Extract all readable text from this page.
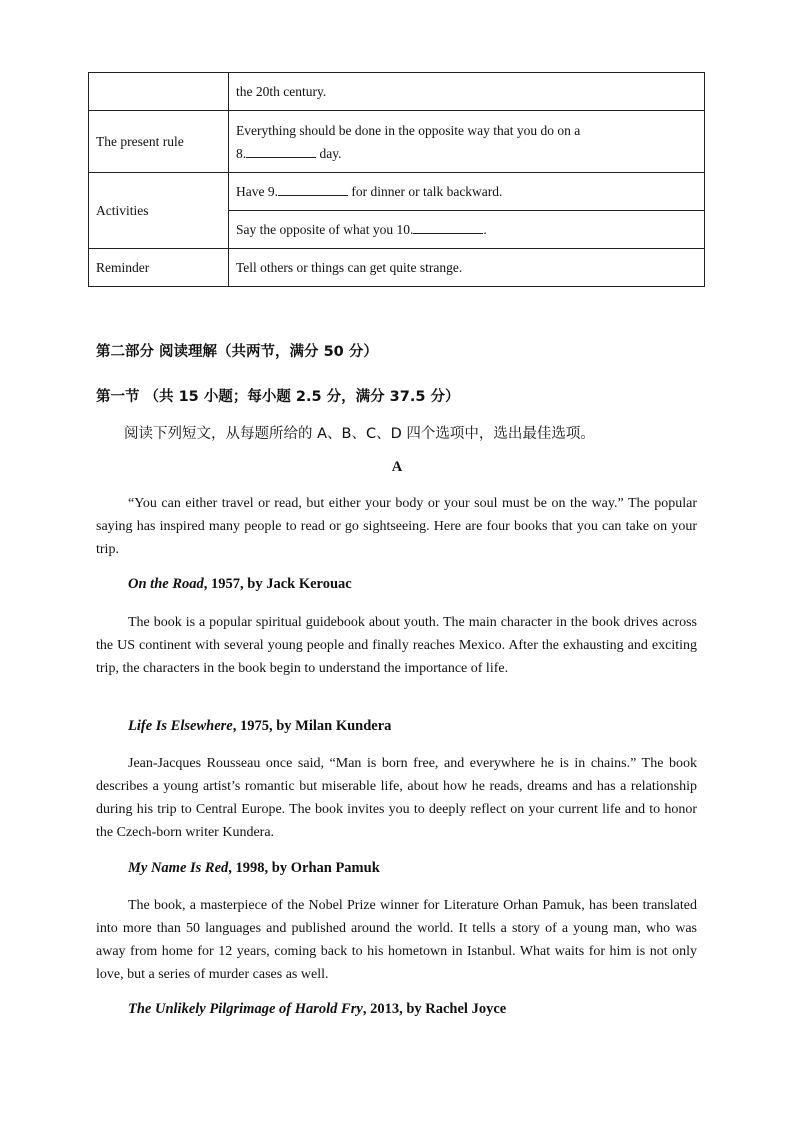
	the 20th century.
The present rule	Everything should be done in the opposite way that you do on a
8. day.

Activities	Have 9. for dinner or talk backward.
	Say the opposite of what you 10. .
Reminder	Tell others or things can get quite strange.
第二部分 阅读理解（共两节，满分 50 分）
第一节 （共 15 小题；每小题 2.5 分，满分 37.5 分）
阅读下列短文，从每题所给的 A、B、C、D 四个选项中，选出最佳选项。
A
“You can either travel or read, but either your body or your soul must be on the way.” The popular saying has inspired many people to read or go sightseeing. Here are four books that you can take on your trip.
On the Road, 1957, by Jack Kerouac
The book is a popular spiritual guidebook about youth. The main character in the book drives across the US continent with several young people and finally reaches Mexico. After the exhausting and exciting trip, the characters in the book begin to understand the importance of life.
Life Is Elsewhere, 1975, by Milan Kundera
Jean-Jacques Rousseau once said, “Man is born free, and everywhere he is in chains.” The book describes a young artist’s romantic but miserable life, about how he reads, dreams and has a relationship during his trip to Central Europe. The book invites you to deeply reflect on your current life and to honor the Czech-born writer Kundera.
My Name Is Red, 1998, by Orhan Pamuk
The book, a masterpiece of the Nobel Prize winner for Literature Orhan Pamuk, has been translated into more than 50 languages and published around the world. It tells a story of a young man, who was away from home for 12 years, coming back to his hometown in Istanbul. What waits for him is not only love, but a series of murder cases as well.
The Unlikely Pilgrimage of Harold Fry, 2013, by Rachel Joyce
